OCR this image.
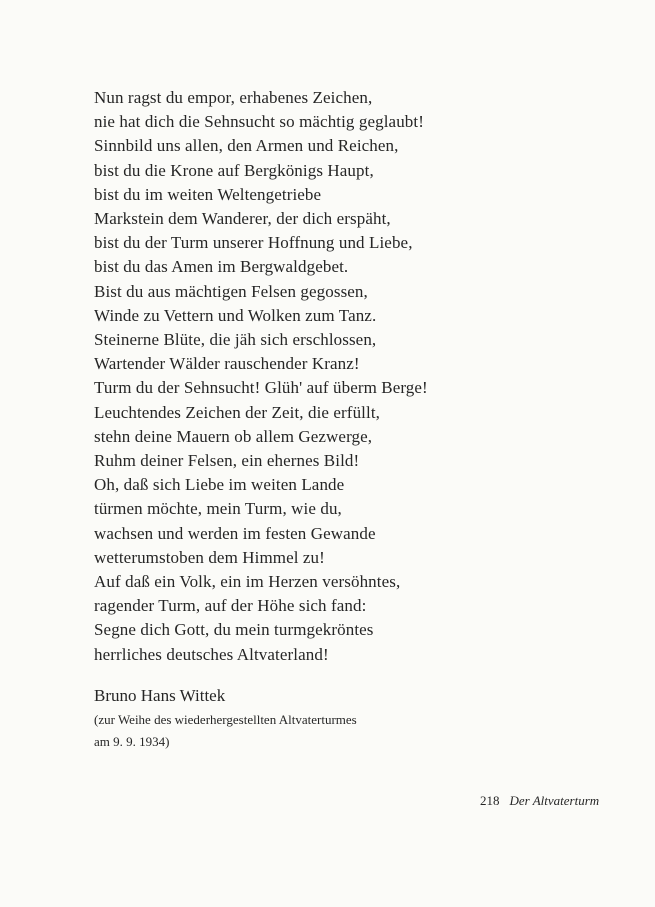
Nun ragst du empor, erhabenes Zeichen,
nie hat dich die Sehnsucht so mächtig geglaubt!
Sinnbild uns allen, den Armen und Reichen,
bist du die Krone auf Bergkönigs Haupt,
bist du im weiten Weltengetriebe
Markstein dem Wanderer, der dich erspäht,
bist du der Turm unserer Hoffnung und Liebe,
bist du das Amen im Bergwaldgebet.
Bist du aus mächtigen Felsen gegossen,
Winde zu Vettern und Wolken zum Tanz.
Steinerne Blüte, die jäh sich erschlossen,
Wartender Wälder rauschender Kranz!
Turm du der Sehnsucht! Glüh' auf überm Berge!
Leuchtendes Zeichen der Zeit, die erfüllt,
stehn deine Mauern ob allem Gezwerge,
Ruhm deiner Felsen, ein ehernes Bild!
Oh, daß sich Liebe im weiten Lande
türmen möchte, mein Turm, wie du,
wachsen und werden im festen Gewande
wetterumstoben dem Himmel zu!
Auf daß ein Volk, ein im Herzen versöhntes,
ragender Turm, auf der Höhe sich fand:
Segne dich Gott, du mein turmgekröntes
herrliches deutsches Altvaterland!
Bruno Hans Wittek
(zur Weihe des wiederhergestellten Altvaterturmes
am 9. 9. 1934)
218 Der Altvaterturm
